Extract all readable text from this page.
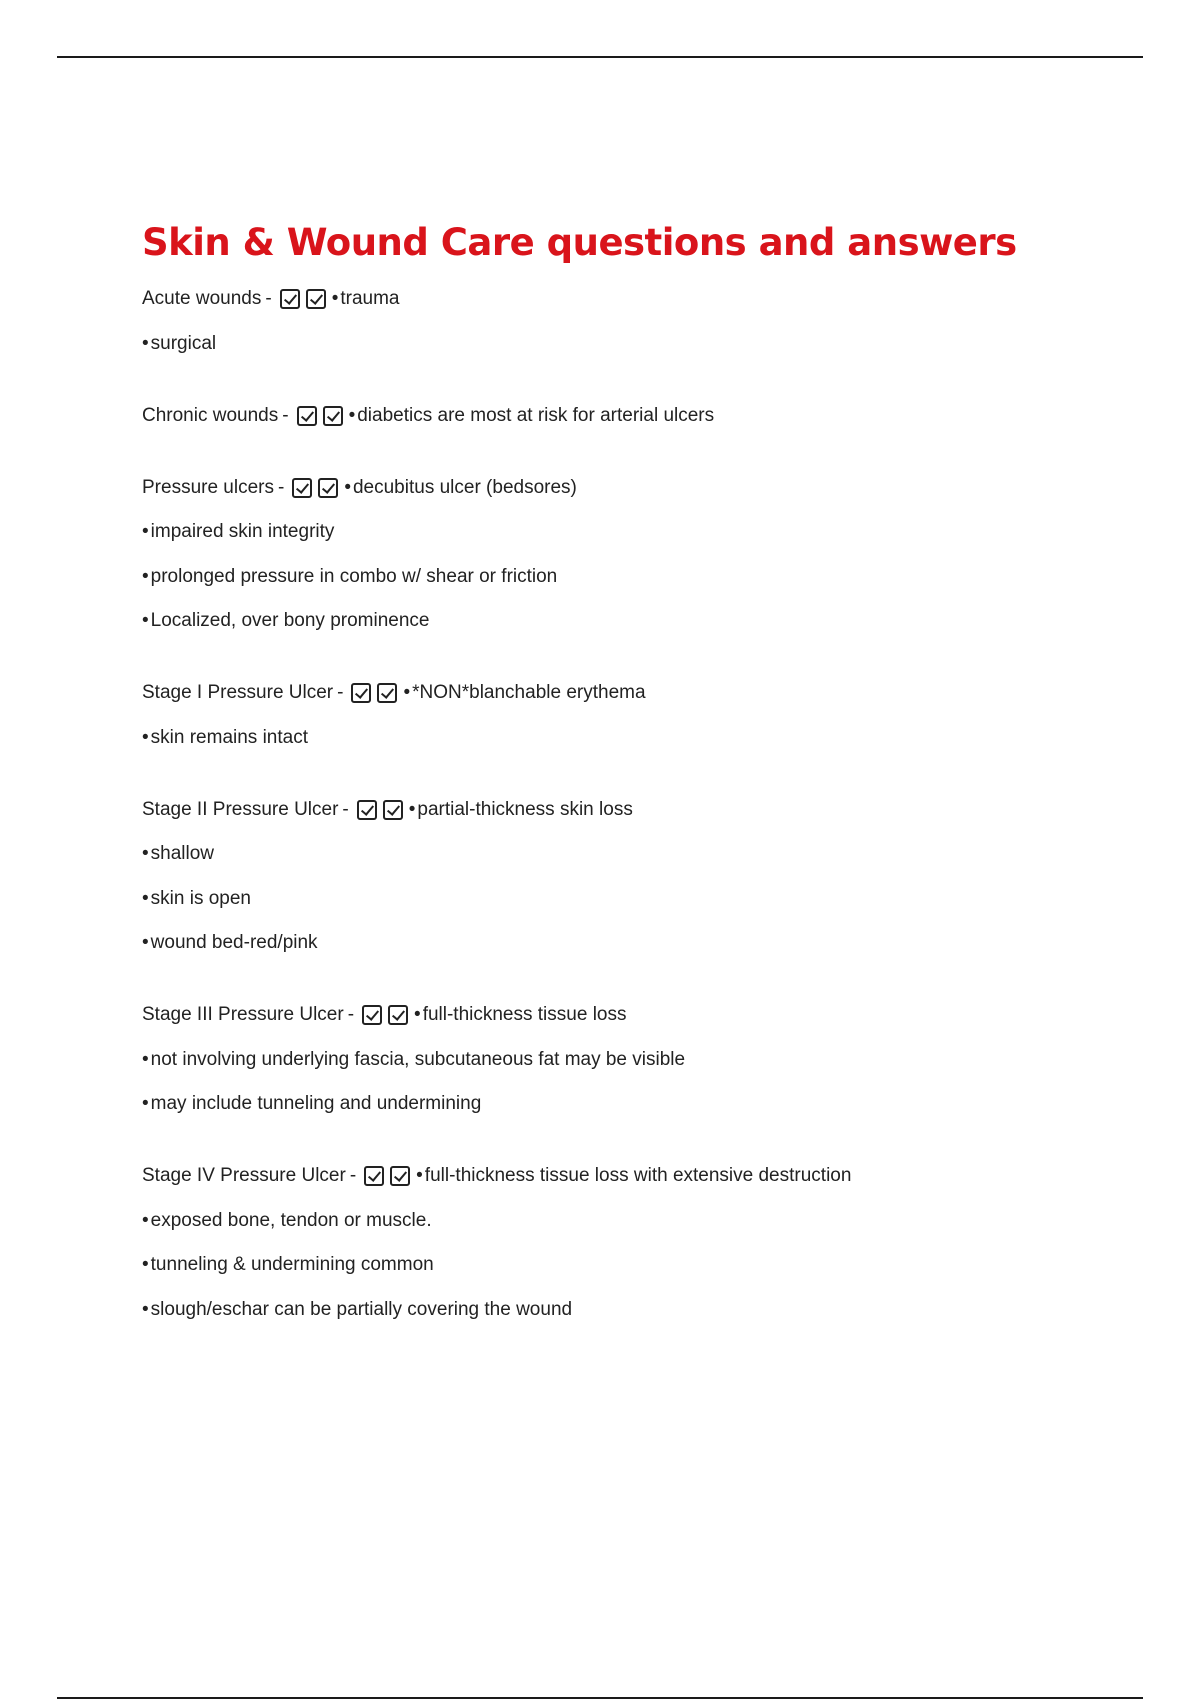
Skin & Wound Care questions and answers
Acute wounds -	• trauma
• surgical
Chronic wounds -	• diabetics are most at risk for arterial ulcers
Pressure ulcers -	• decubitus ulcer (bedsores)
• impaired skin integrity
• prolonged pressure in combo w/ shear or friction
• Localized, over bony prominence
Stage I Pressure Ulcer -	• *NON*blanchable erythema
• skin remains intact
Stage II Pressure Ulcer -	• partial-thickness skin loss
• shallow
• skin is open
• wound bed-red/pink
Stage III Pressure Ulcer -	• full-thickness tissue loss
• not involving underlying fascia, subcutaneous fat may be visible
• may include tunneling and undermining
Stage IV Pressure Ulcer -	• full-thickness tissue loss with extensive destruction
• exposed bone, tendon or muscle.
• tunneling & undermining common
• slough/eschar can be partially covering the wound
